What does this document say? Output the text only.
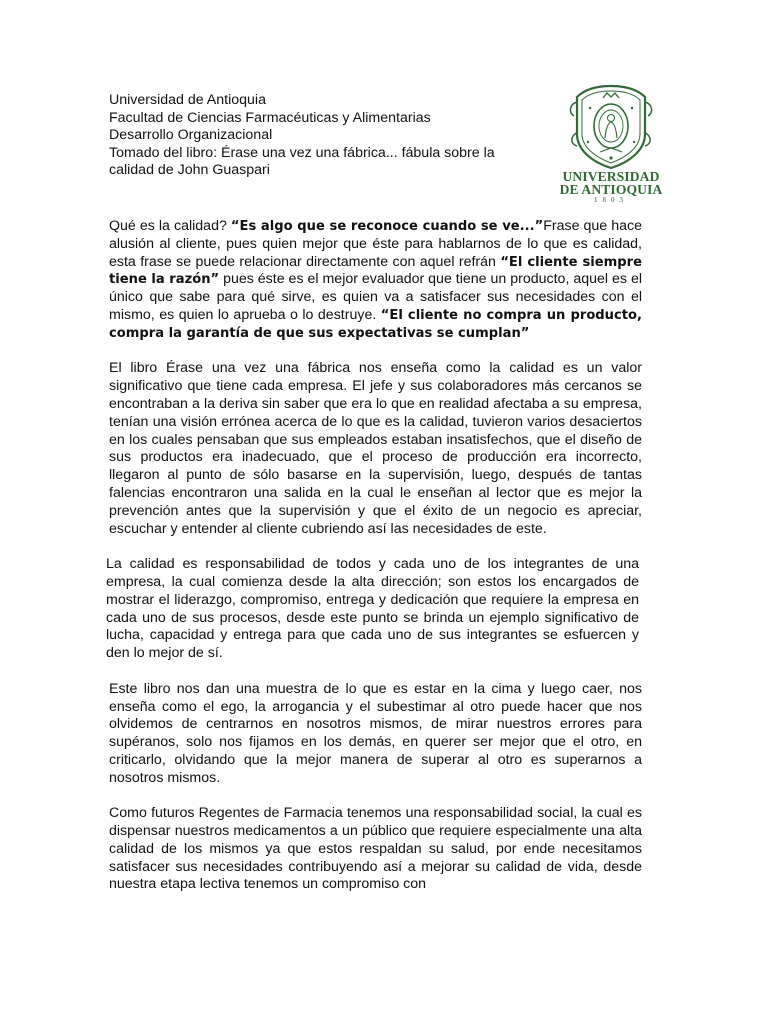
Universidad de Antioquia
Facultad de Ciencias Farmacéuticas y Alimentarias
Desarrollo Organizacional
Tomado del libro: Érase una vez una fábrica... fábula sobre la
calidad de John Guaspari	UNIVERSIDAD
DE ANTIOQUIA
1803

Qué es la calidad? “Es algo que se reconoce cuando se ve...”Frase que hace alusión al cliente, pues quien mejor que éste para hablarnos de lo que es calidad, esta frase se puede relacionar directamente con aquel refrán “El cliente siempre tiene la razón” pues éste es el mejor evaluador que tiene un producto, aquel es el único que sabe para qué sirve, es quien va a satisfacer sus necesidades con el mismo, es quien lo aprueba o lo destruye. “El cliente no compra un producto, compra la garantía de que sus expectativas se cumplan”

El libro Érase una vez una fábrica nos enseña como la calidad es un valor significativo que tiene cada empresa. El jefe y sus colaboradores más cercanos se encontraban a la deriva sin saber que era lo que en realidad afectaba a su empresa, tenían una visión errónea acerca de lo que es la calidad, tuvieron varios desaciertos en los cuales pensaban que sus empleados estaban insatisfechos, que el diseño de sus productos era inadecuado, que el proceso de producción era incorrecto, llegaron al punto de sólo basarse en la supervisión, luego, después de tantas falencias encontraron una salida en la cual le enseñan al lector que es mejor la prevención antes que la supervisión y que el éxito de un negocio es apreciar, escuchar y entender al cliente cubriendo así las necesidades de este.

La calidad es responsabilidad de todos y cada uno de los integrantes de una empresa, la cual comienza desde la alta dirección; son estos los encargados de mostrar el liderazgo, compromiso, entrega y dedicación que requiere la empresa en cada uno de sus procesos, desde este punto se brinda un ejemplo significativo de lucha, capacidad y entrega para que cada uno de sus integrantes se esfuercen y den lo mejor de sí.

Este libro nos dan una muestra de lo que es estar en la cima y luego caer, nos enseña como el ego, la arrogancia y el subestimar al otro puede hacer que nos olvidemos de centrarnos en nosotros mismos, de mirar nuestros errores para supéranos, solo nos fijamos en los demás, en querer ser mejor que el otro, en criticarlo, olvidando que la mejor manera de superar al otro es superarnos a nosotros mismos.

Como futuros Regentes de Farmacia tenemos una responsabilidad social, la cual es dispensar nuestros medicamentos a un público que requiere especialmente una alta calidad de los mismos ya que estos respaldan su salud, por ende necesitamos satisfacer sus necesidades contribuyendo así a mejorar su calidad de vida, desde nuestra etapa lectiva tenemos un compromiso con
